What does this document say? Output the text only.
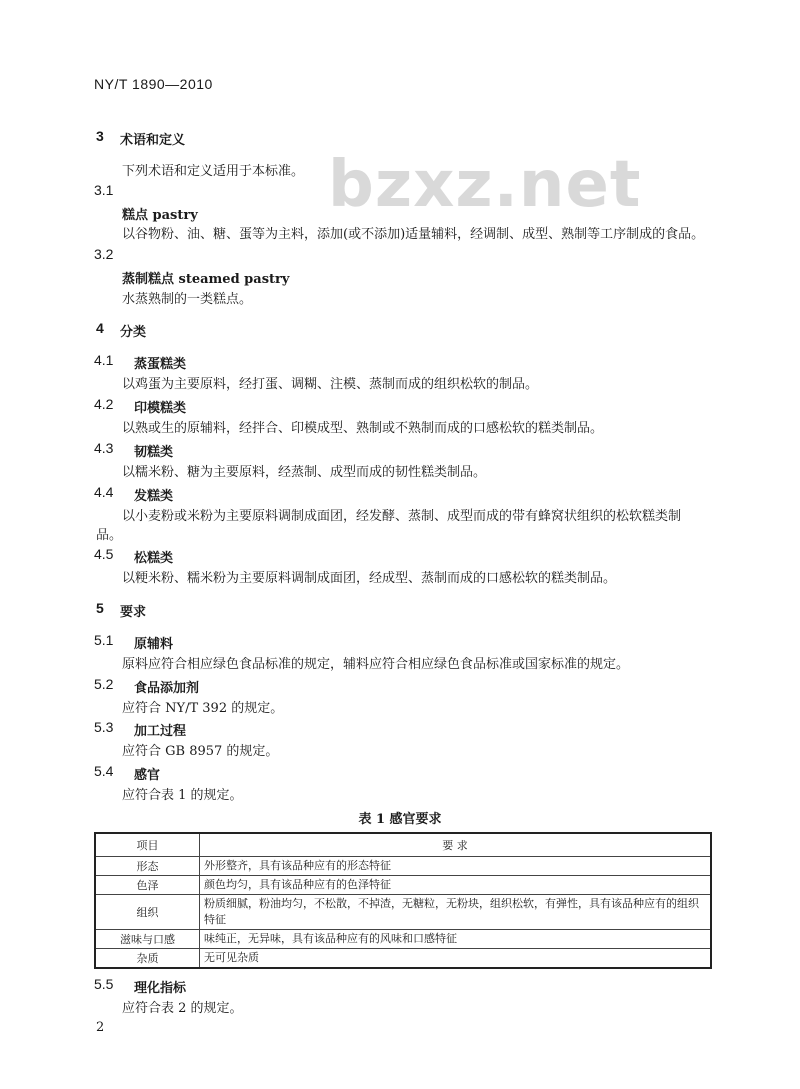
NY/T 1890—2010
bzxz.net
3 术语和定义
下列术语和定义适用于本标准。
3.1
糕点 pastry
以谷物粉、油、糖、蛋等为主料，添加(或不添加)适量辅料，经调制、成型、熟制等工序制成的食品。
3.2
蒸制糕点 steamed pastry
水蒸熟制的一类糕点。
4 分类
4.1 蒸蛋糕类
以鸡蛋为主要原料，经打蛋、调糊、注模、蒸制而成的组织松软的制品。
4.2 印模糕类
以熟或生的原辅料，经拌合、印模成型、熟制或不熟制而成的口感松软的糕类制品。
4.3 韧糕类
以糯米粉、糖为主要原料，经蒸制、成型而成的韧性糕类制品。
4.4 发糕类
以小麦粉或米粉为主要原料调制成面团，经发酵、蒸制、成型而成的带有蜂窝状组织的松软糕类制
品。
4.5 松糕类
以粳米粉、糯米粉为主要原料调制成面团，经成型、蒸制而成的口感松软的糕类制品。
5 要求
5.1 原辅料
原料应符合相应绿色食品标准的规定，辅料应符合相应绿色食品标准或国家标准的规定。
5.2 食品添加剂
应符合 NY/T 392 的规定。
5.3 加工过程
应符合 GB 8957 的规定。
5.4 感官
应符合表 1 的规定。
表 1 感官要求
项目	要 求
形态	外形整齐，具有该品种应有的形态特征
色泽	颜色均匀，具有该品种应有的色泽特征
组织	粉质细腻，粉油均匀，不松散，不掉渣，无糖粒，无粉块，组织松软，有弹性，具有该品种应有的组织特征
滋味与口感	味纯正，无异味，具有该品种应有的风味和口感特征
杂质	无可见杂质
5.5 理化指标
应符合表 2 的规定。
2
